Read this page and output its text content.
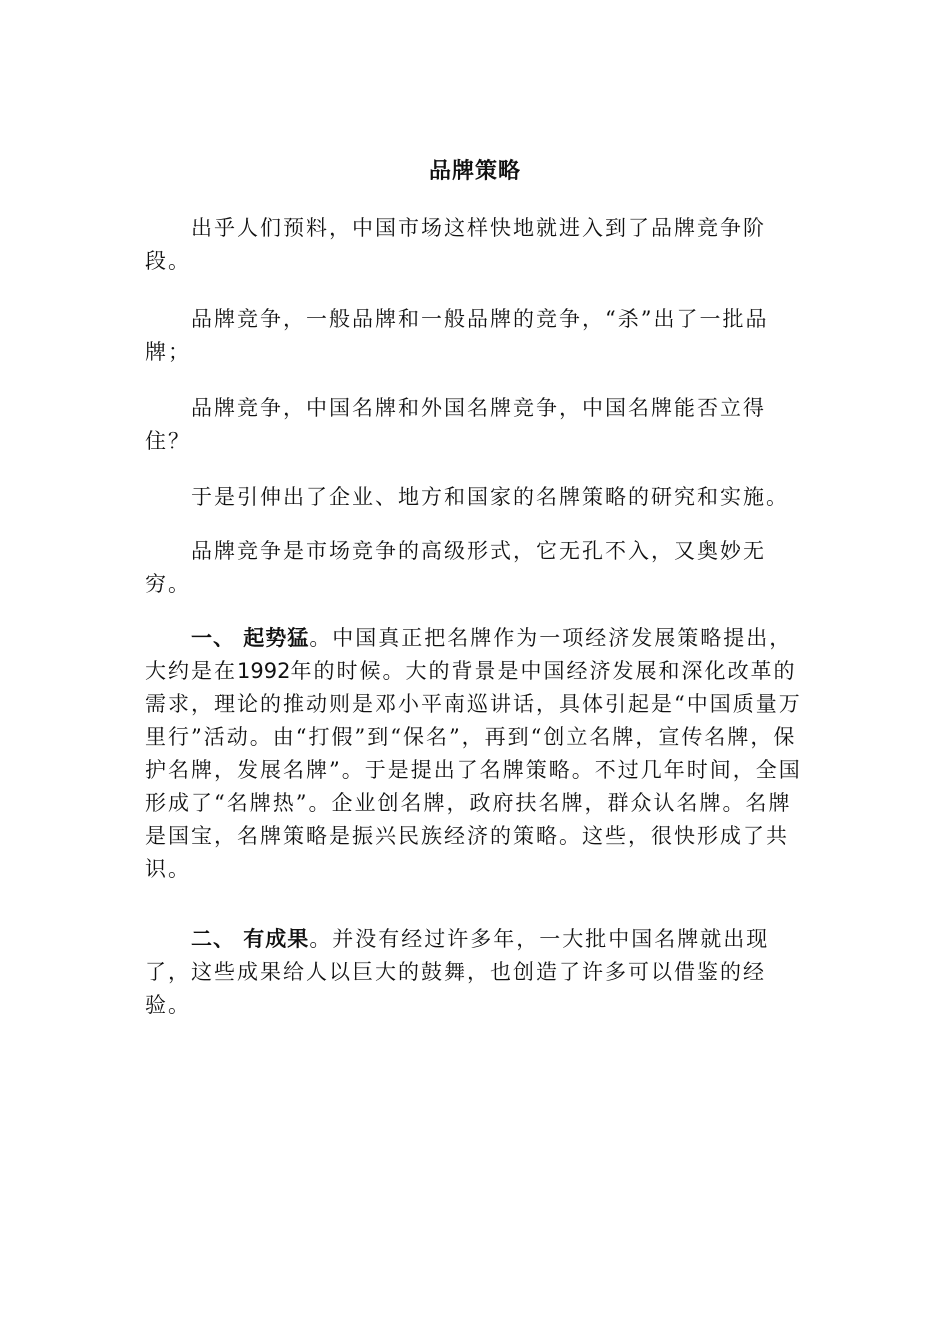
品牌策略

出乎人们预料，中国市场这样快地就进入到了品牌竞争阶段。

品牌竞争，一般品牌和一般品牌的竞争，“杀”出了一批品牌；

品牌竞争，中国名牌和外国名牌竞争，中国名牌能否立得住？

于是引伸出了企业、地方和国家的名牌策略的研究和实施。

品牌竞争是市场竞争的高级形式，它无孔不入，又奥妙无穷。

一、 起势猛。中国真正把名牌作为一项经济发展策略提出，大约是在1992年的时候。大的背景是中国经济发展和深化改革的需求，理论的推动则是邓小平南巡讲话，具体引起是“中国质量万里行”活动。由“打假”到“保名”，再到“创立名牌，宣传名牌，保护名牌，发展名牌”。于是提出了名牌策略。不过几年时间，全国形成了“名牌热”。企业创名牌，政府扶名牌，群众认名牌。名牌是国宝，名牌策略是振兴民族经济的策略。这些，很快形成了共识。

二、 有成果。并没有经过许多年，一大批中国名牌就出现了，这些成果给人以巨大的鼓舞，也创造了许多可以借鉴的经验。
